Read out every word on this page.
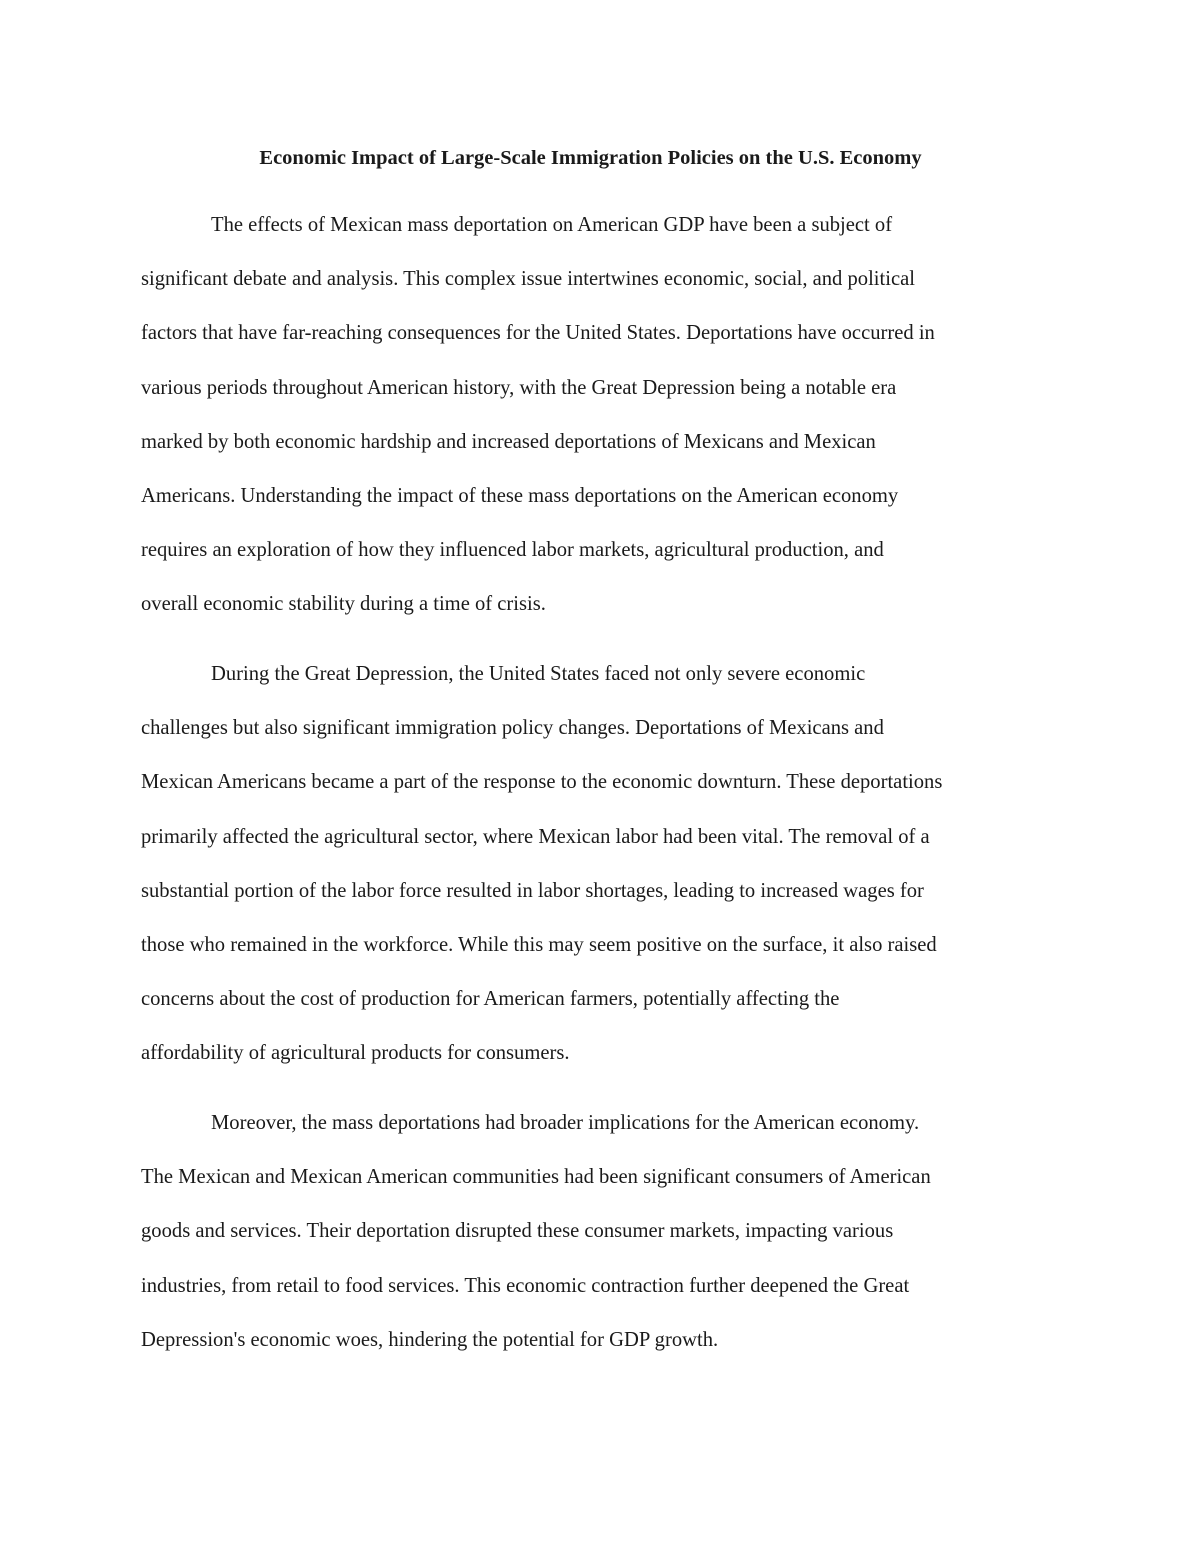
Economic Impact of Large-Scale Immigration Policies on the U.S. Economy
The effects of Mexican mass deportation on American GDP have been a subject of
significant debate and analysis. This complex issue intertwines economic, social, and political
factors that have far-reaching consequences for the United States. Deportations have occurred in
various periods throughout American history, with the Great Depression being a notable era
marked by both economic hardship and increased deportations of Mexicans and Mexican
Americans. Understanding the impact of these mass deportations on the American economy
requires an exploration of how they influenced labor markets, agricultural production, and
overall economic stability during a time of crisis.
During the Great Depression, the United States faced not only severe economic
challenges but also significant immigration policy changes. Deportations of Mexicans and
Mexican Americans became a part of the response to the economic downturn. These deportations
primarily affected the agricultural sector, where Mexican labor had been vital. The removal of a
substantial portion of the labor force resulted in labor shortages, leading to increased wages for
those who remained in the workforce. While this may seem positive on the surface, it also raised
concerns about the cost of production for American farmers, potentially affecting the
affordability of agricultural products for consumers.
Moreover, the mass deportations had broader implications for the American economy.
The Mexican and Mexican American communities had been significant consumers of American
goods and services. Their deportation disrupted these consumer markets, impacting various
industries, from retail to food services. This economic contraction further deepened the Great
Depression's economic woes, hindering the potential for GDP growth.
